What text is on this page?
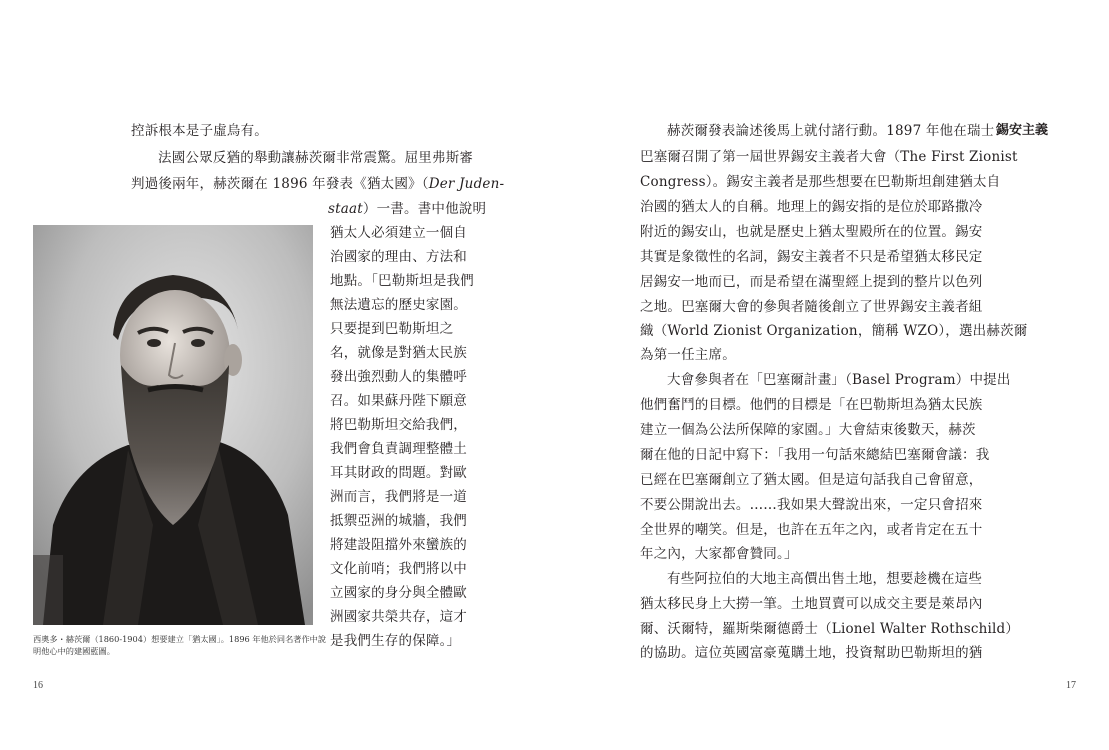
控訴根本是子虛烏有。
法國公眾反猶的舉動讓赫茨爾非常震驚。屈里弗斯審
判過後兩年，赫茨爾在 1896 年發表《猶太國》（Der Juden-
staat）一書。書中他說明
猶太人必須建立一個自
治國家的理由、方法和
地點。「巴勒斯坦是我們
無法遺忘的歷史家園。
只要提到巴勒斯坦之
名，就像是對猶太民族
發出強烈動人的集體呼
召。如果蘇丹陛下願意
將巴勒斯坦交給我們，
我們會負責調理整體土
耳其財政的問題。對歐
洲而言，我們將是一道
抵禦亞洲的城牆，我們
將建設阻擋外來蠻族的
文化前哨；我們將以中
立國家的身分與全體歐
洲國家共榮共存，這才
是我們生存的保障。」
西奧多・赫茨爾（1860-1904）想要建立「猶太國」。1896 年他於同名著作中說
明他心中的建國藍圖。
16
錫安主義
赫茨爾發表論述後馬上就付諸行動。1897 年他在瑞士
巴塞爾召開了第一屆世界錫安主義者大會（The First Zionist
Congress）。錫安主義者是那些想要在巴勒斯坦創建猶太自
治國的猶太人的自稱。地理上的錫安指的是位於耶路撒冷
附近的錫安山，也就是歷史上猶太聖殿所在的位置。錫安
其實是象徵性的名詞，錫安主義者不只是希望猶太移民定
居錫安一地而已，而是希望在滿聖經上提到的整片以色列
之地。巴塞爾大會的參與者隨後創立了世界錫安主義者組
織（World Zionist Organization，簡稱 WZO），選出赫茨爾
為第一任主席。
大會參與者在「巴塞爾計畫」（Basel Program）中提出
他們奮鬥的目標。他們的目標是「在巴勒斯坦為猶太民族
建立一個為公法所保障的家園。」大會結束後數天，赫茨
爾在他的日記中寫下：「我用一句話來總結巴塞爾會議：我
已經在巴塞爾創立了猶太國。但是這句話我自己會留意，
不要公開說出去。……我如果大聲說出來，一定只會招來
全世界的嘲笑。但是，也許在五年之內，或者肯定在五十
年之內，大家都會贊同。」
有些阿拉伯的大地主高價出售土地，想要趁機在這些
猶太移民身上大撈一筆。土地買賣可以成交主要是萊昂內
爾、沃爾特，羅斯柴爾德爵士（Lionel Walter Rothschild）
的協助。這位英國富豪蒐購土地，投資幫助巴勒斯坦的猶
17
